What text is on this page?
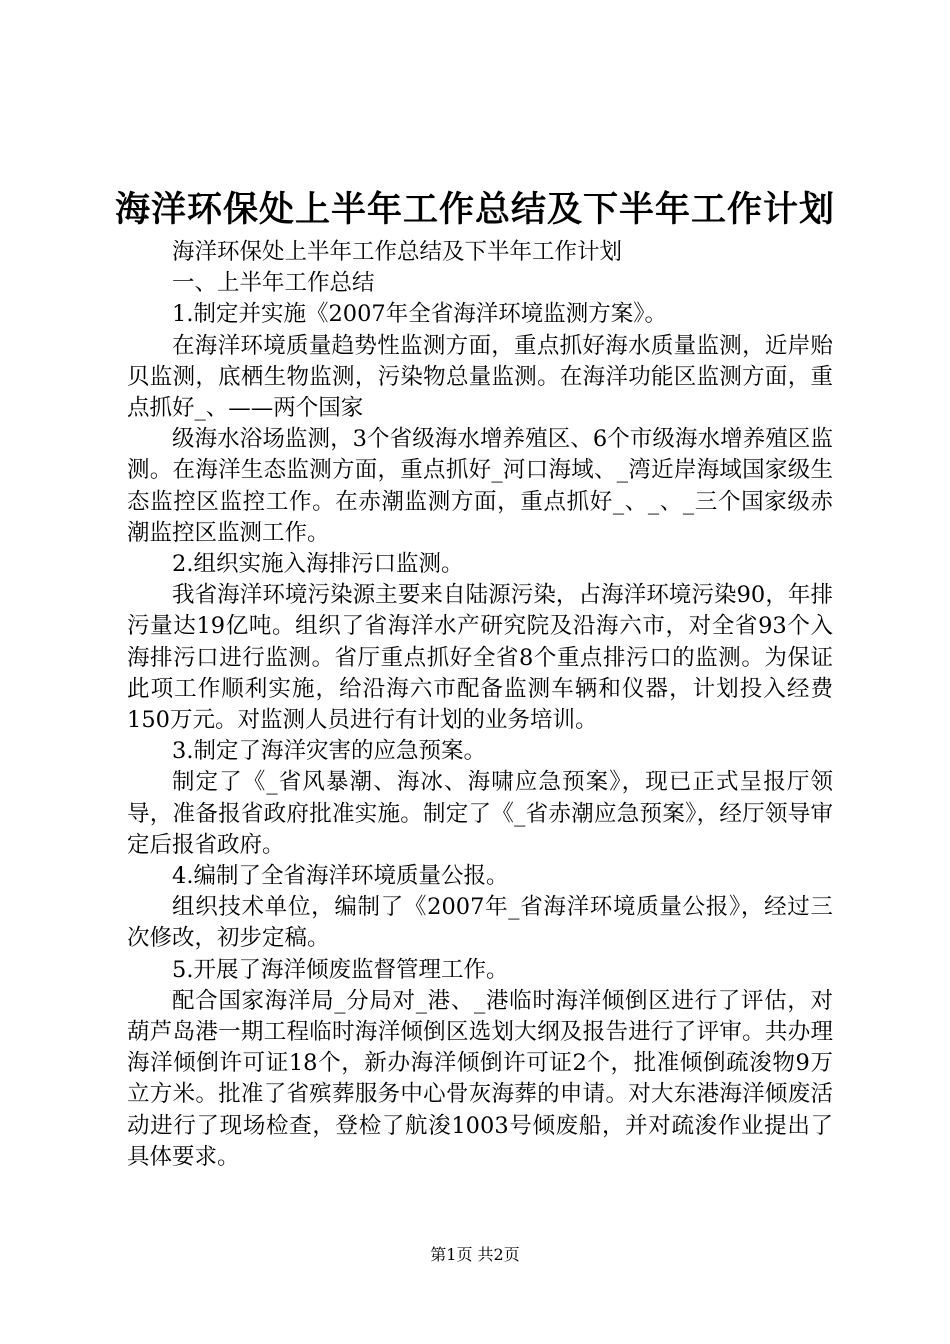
海洋环保处上半年工作总结及下半年工作计划

海洋环保处上半年工作总结及下半年工作计划

一、上半年工作总结

1.制定并实施《2007年全省海洋环境监测方案》。

在海洋环境质量趋势性监测方面，重点抓好海水质量监测，近岸贻贝监测，底栖生物监测，污染物总量监测。在海洋功能区监测方面，重点抓好_、——两个国家

级海水浴场监测，3个省级海水增养殖区、6个市级海水增养殖区监测。在海洋生态监测方面，重点抓好_河口海域、_湾近岸海域国家级生态监控区监控工作。在赤潮监测方面，重点抓好_、_、_三个国家级赤潮监控区监测工作。

2.组织实施入海排污口监测。

我省海洋环境污染源主要来自陆源污染，占海洋环境污染90，年排污量达19亿吨。组织了省海洋水产研究院及沿海六市，对全省93个入海排污口进行监测。省厅重点抓好全省8个重点排污口的监测。为保证此项工作顺利实施，给沿海六市配备监测车辆和仪器，计划投入经费150万元。对监测人员进行有计划的业务培训。

3.制定了海洋灾害的应急预案。

制定了《_省风暴潮、海冰、海啸应急预案》，现已正式呈报厅领导，准备报省政府批准实施。制定了《_省赤潮应急预案》，经厅领导审定后报省政府。

4.编制了全省海洋环境质量公报。

组织技术单位，编制了《2007年_省海洋环境质量公报》，经过三次修改，初步定稿。

5.开展了海洋倾废监督管理工作。

配合国家海洋局_分局对_港、_港临时海洋倾倒区进行了评估，对葫芦岛港一期工程临时海洋倾倒区选划大纲及报告进行了评审。共办理海洋倾倒许可证18个，新办海洋倾倒许可证2个，批准倾倒疏浚物9万立方米。批准了省殡葬服务中心骨灰海葬的申请。对大东港海洋倾废活动进行了现场检查，登检了航浚1003号倾废船，并对疏浚作业提出了具体要求。

第1页 共2页
